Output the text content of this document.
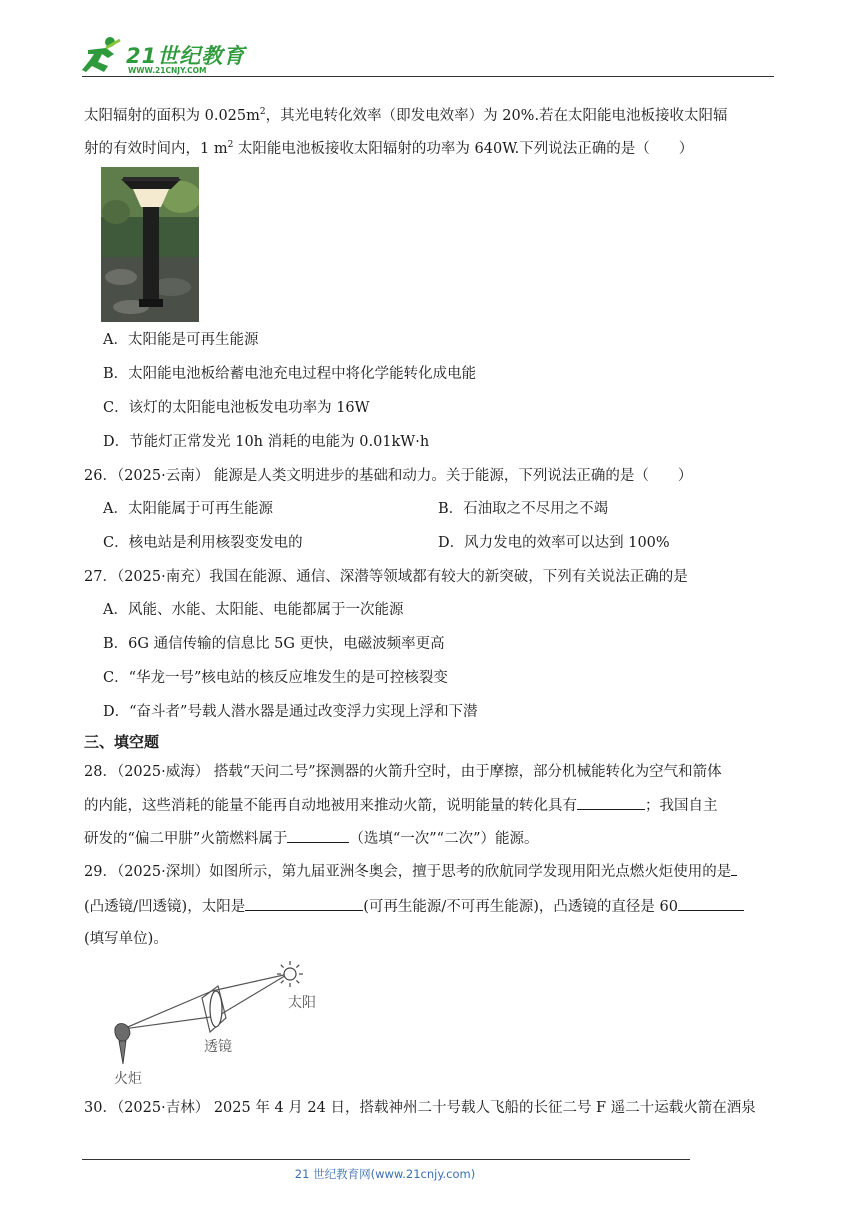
21世纪教育
WWW.21CNJY.COM
太阳辐射的面积为 $0.025m^2$，其光电转化效率（即发电效率）为 20%.若在太阳能电池板接收太阳辐
射的有效时间内，1 $m^2$ 太阳能电池板接收太阳辐射的功率为 640W.下列说法正确的是（　　）
A．太阳能是可再生能源
B．太阳能电池板给蓄电池充电过程中将化学能转化成电能
C．该灯的太阳能电池板发电功率为 16W
D．节能灯正常发光 10h 消耗的电能为 0.01kW·h
26．（2025·云南） 能源是人类文明进步的基础和动力。关于能源，下列说法正确的是（　　）
A．太阳能属于可再生能源	B．石油取之不尽用之不竭
C．核电站是利用核裂变发电的	D．风力发电的效率可以达到 100%
27．（2025·南充）我国在能源、通信、深潜等领域都有较大的新突破，下列有关说法正确的是
A．风能、水能、太阳能、电能都属于一次能源
B．6G 通信传输的信息比 5G 更快，电磁波频率更高
C．“华龙一号”核电站的核反应堆发生的是可控核裂变
D．“奋斗者”号载人潜水器是通过改变浮力实现上浮和下潜
三、填空题
28．（2025·威海） 搭载“天问二号”探测器的火箭升空时，由于摩擦，部分机械能转化为空气和箭体
的内能，这些消耗的能量不能再自动地被用来推动火箭，说明能量的转化具有	；我国自主
研发的“偏二甲肼”火箭燃料属于	（选填“一次”“二次”）能源。
29．（2025·深圳）如图所示，第九届亚洲冬奥会，擅于思考的欣航同学发现用阳光点燃火炬使用的是
(凸透镜/凹透镜)，太阳是	(可再生能源/不可再生能源)，凸透镜的直径是 60
(填写单位)。
太阳
透镜
火炬
30．（2025·吉林） 2025 年 4 月 24 日，搭载神州二十号载人飞船的长征二号 F 遥二十运载火箭在酒泉
21 世纪教育网(www.21cnjy.com)
